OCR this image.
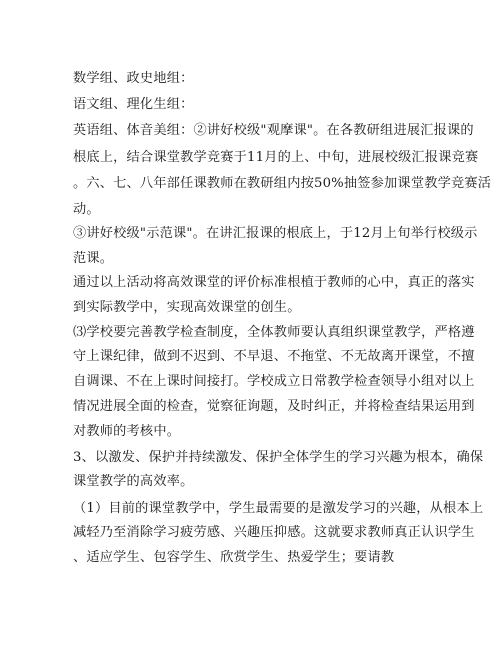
数学组、政史地组：
语文组、理化生组：
英语组、体音美组：②讲好校级"观摩课"。在各教研组进展汇报课的
根底上，结合课堂教学竞赛于11月的上、中旬，进展校级汇报课竞赛
。六、七、八年部任课教师在教研组内按50%抽签参加课堂教学竞赛活
动。
③讲好校级"示范课"。在讲汇报课的根底上，于12月上旬举行校级示
范课。
通过以上活动将高效课堂的评价标准根植于教师的心中，真正的落实
到实际教学中，实现高效课堂的创生。
⑶学校要完善教学检查制度，全体教师要认真组织课堂教学，严格遵
守上课纪律，做到不迟到、不早退、不拖堂、不无故离开课堂，不擅
自调课、不在上课时间接打。学校成立日常教学检查领导小组对以上
情况进展全面的检查，觉察征询题，及时纠正，并将检查结果运用到
对教师的考核中。
3、以激发、保护并持续激发、保护全体学生的学习兴趣为根本，确保
课堂教学的高效率。
（1）目前的课堂教学中，学生最需要的是激发学习的兴趣，从根本上
减轻乃至消除学习疲劳感、兴趣压抑感。这就要求教师真正认识学生
、适应学生、包容学生、欣赏学生、热爱学生；要请教
